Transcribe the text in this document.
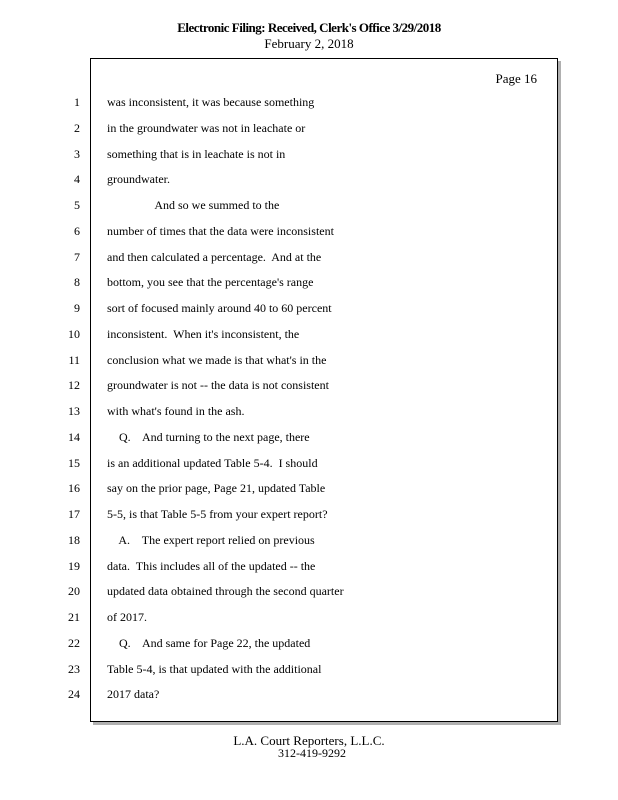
Electronic Filing: Received, Clerk's Office 3/29/2018
February 2, 2018
Page 16
1 was inconsistent, it was because something
2 in the groundwater was not in leachate or
3 something that is in leachate is not in
4 groundwater.
5 And so we summed to the
6 number of times that the data were inconsistent
7 and then calculated a percentage.  And at the
8 bottom, you see that the percentage's range
9 sort of focused mainly around 40 to 60 percent
10 inconsistent.  When it's inconsistent, the
11 conclusion what we made is that what's in the
12 groundwater is not -- the data is not consistent
13 with what's found in the ash.
14 Q.    And turning to the next page, there
15 is an additional updated Table 5-4.  I should
16 say on the prior page, Page 21, updated Table
17 5-5, is that Table 5-5 from your expert report?
18 A.    The expert report relied on previous
19 data.  This includes all of the updated -- the
20 updated data obtained through the second quarter
21 of 2017.
22 Q.    And same for Page 22, the updated
23 Table 5-4, is that updated with the additional
24 2017 data?
L.A. Court Reporters, L.L.C.
312-419-9292
